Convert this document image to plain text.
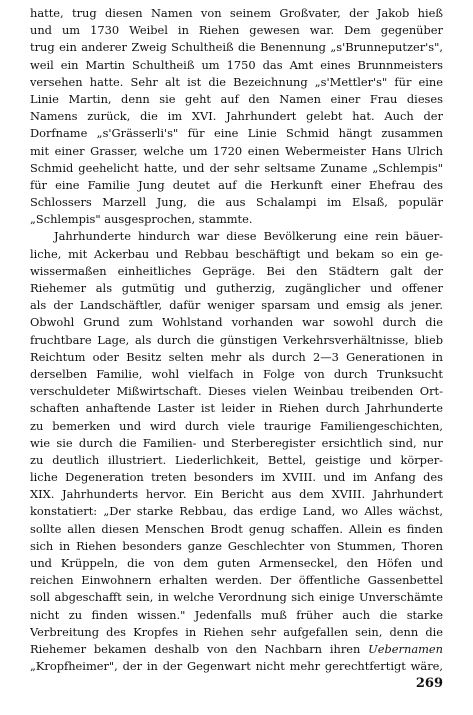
hatte, trug diesen Namen von seinem Großvater, der Jakob hieß
und um 1730 Weibel in Riehen gewesen war. Dem gegenüber
trug ein anderer Zweig Schultheiß die Benennung „s'Brunneputzer's",
weil ein Martin Schultheiß um 1750 das Amt eines Brunnmeisters
versehen hatte. Sehr alt ist die Bezeichnung „s'Mettler's" für eine
Linie Martin, denn sie geht auf den Namen einer Frau dieses
Namens zurück, die im XVI. Jahrhundert gelebt hat. Auch der
Dorfname „s'Grässerli's" für eine Linie Schmid hängt zusammen
mit einer Grasser, welche um 1720 einen Webermeister Hans Ulrich
Schmid geehelicht hatte, und der sehr seltsame Zuname „Schlempis"
für eine Familie Jung deutet auf die Herkunft einer Ehefrau des
Schlossers Marzell Jung, die aus Schalampi im Elsaß, populär
„Schlempis" ausgesprochen, stammte.
Jahrhunderte hindurch war diese Bevölkerung eine rein bäuer-
liche, mit Ackerbau und Rebbau beschäftigt und bekam so ein ge-
wissermaßen einheitliches Gepräge. Bei den Städtern galt der
Riehemer als gutmütig und gutherzig, zugänglicher und offener
als der Landschäftler, dafür weniger sparsam und emsig als jener.
Obwohl Grund zum Wohlstand vorhanden war sowohl durch die
fruchtbare Lage, als durch die günstigen Verkehrsverhältnisse, blieb
Reichtum oder Besitz selten mehr als durch 2—3 Generationen in
derselben Familie, wohl vielfach in Folge von durch Trunksucht
verschuldeter Mißwirtschaft. Dieses vielen Weinbau treibenden Ort-
schaften anhaftende Laster ist leider in Riehen durch Jahrhunderte
zu bemerken und wird durch viele traurige Familiengeschichten,
wie sie durch die Familien- und Sterberegister ersichtlich sind, nur
zu deutlich illustriert. Liederlichkeit, Bettel, geistige und körper-
liche Degeneration treten besonders im XVIII. und im Anfang des
XIX. Jahrhunderts hervor. Ein Bericht aus dem XVIII. Jahrhundert
konstatiert: „Der starke Rebbau, das erdige Land, wo Alles wächst,
sollte allen diesen Menschen Brodt genug schaffen. Allein es finden
sich in Riehen besonders ganze Geschlechter von Stummen, Thoren
und Krüppeln, die von dem guten Armenseckel, den Höfen und
reichen Einwohnern erhalten werden. Der öffentliche Gassenbettel
soll abgeschafft sein, in welche Verordnung sich einige Unverschämte
nicht zu finden wissen." Jedenfalls muß früher auch die starke
Verbreitung des Kropfes in Riehen sehr aufgefallen sein, denn die
Riehemer bekamen deshalb von den Nachbarn ihren Uebernamen
„Kropfheimer", der in der Gegenwart nicht mehr gerechtfertigt wäre,
269
